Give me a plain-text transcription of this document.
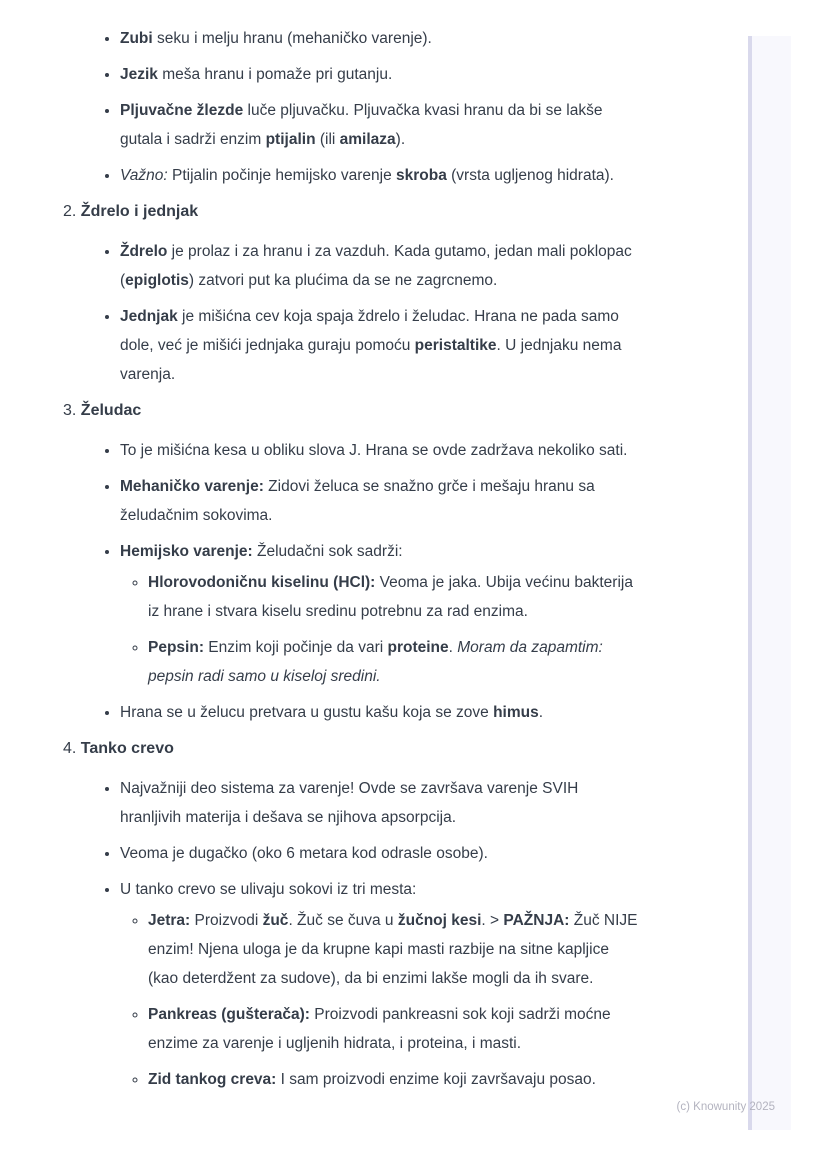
• Zubi seku i melju hranu (mehaničko varenje).
• Jezik meša hranu i pomaže pri gutanju.
• Pljuvačne žlezde luče pljuvačku. Pljuvačka kvasi hranu da bi se lakše gutala i sadrži enzim ptijalin (ili amilaza).
• Važno: Ptijalin počinje hemijsko varenje skroba (vrsta ugljenog hidrata).
2. Ždrelo i jednjak
• Ždrelo je prolaz i za hranu i za vazduh. Kada gutamo, jedan mali poklopac (epiglotis) zatvori put ka plućima da se ne zagrcnemo.
• Jednjak je mišićna cev koja spaja ždrelo i želudac. Hrana ne pada samo dole, već je mišići jednjaka guraju pomoću peristaltike. U jednjaku nema varenja.
3. Želudac
• To je mišićna kesa u obliku slova J. Hrana se ovde zadržava nekoliko sati.
• Mehaničko varenje: Zidovi želuca se snažno grče i mešaju hranu sa želudačnim sokovima.
• Hemijsko varenje: Želudačni sok sadrži:
◦ Hlorovodoničnu kiselinu (HCl): Veoma je jaka. Ubija većinu bakterija iz hrane i stvara kiselu sredinu potrebnu za rad enzima.
◦ Pepsin: Enzim koji počinje da vari proteine. Moram da zapamtim: pepsin radi samo u kiseloj sredini.
• Hrana se u želucu pretvara u gustu kašu koja se zove himus.
4. Tanko crevo
• Najvažniji deo sistema za varenje! Ovde se završava varenje SVIH hranljivih materija i dešava se njihova apsorpcija.
• Veoma je dugačko (oko 6 metara kod odrasle osobe).
• U tanko crevo se ulivaju sokovi iz tri mesta:
◦ Jetra: Proizvodi žuč. Žuč se čuva u žučnoj kesi. > PAŽNJA: Žuč NIJE enzim! Njena uloga je da krupne kapi masti razbije na sitne kapljice (kao deterdžent za sudove), da bi enzimi lakše mogli da ih svare.
◦ Pankreas (gušterača): Proizvodi pankreasni sok koji sadrži moćne enzime za varenje i ugljenih hidrata, i proteina, i masti.
◦ Zid tankog creva: I sam proizvodi enzime koji završavaju posao.
(c) Knowunity 2025
